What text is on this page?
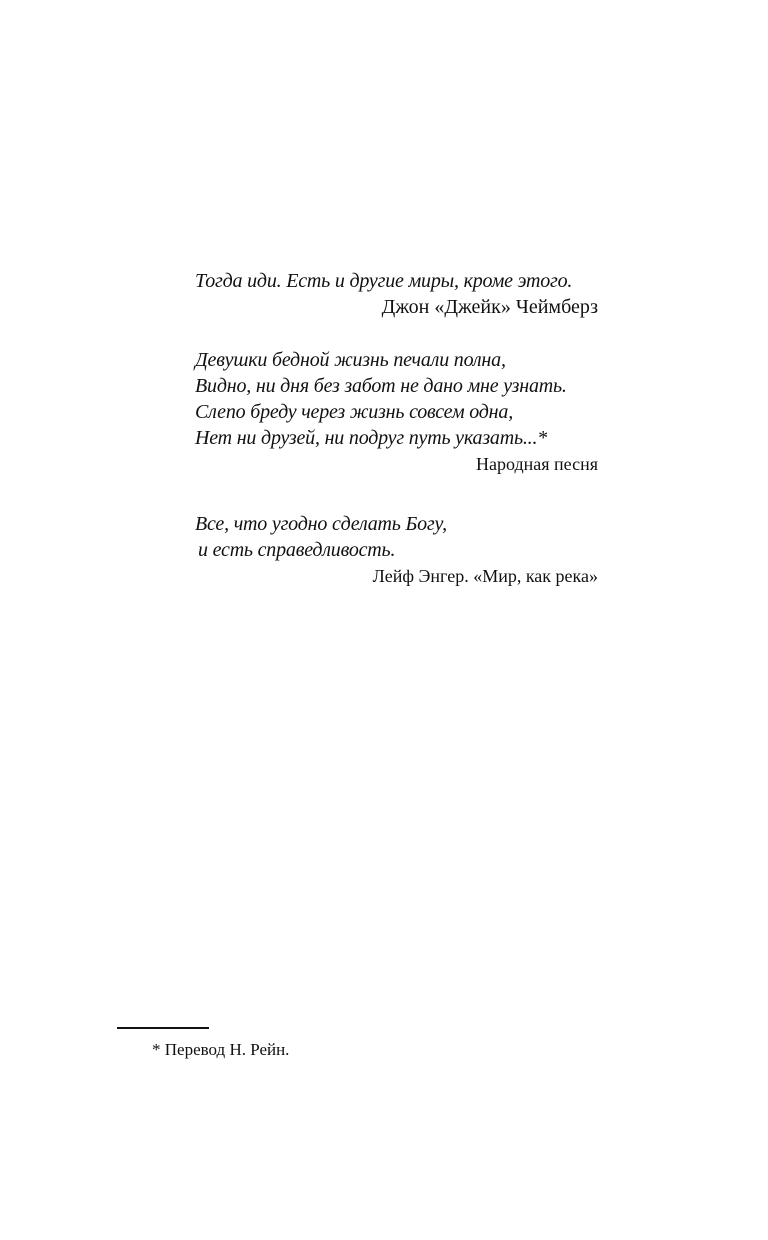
Тогда иди. Есть и другие миры, кроме этого.
Джон «Джейк» Чеймберз
Девушки бедной жизнь печали полна,
Видно, ни дня без забот не дано мне узнать.
Слепо бреду через жизнь совсем одна,
Нет ни друзей, ни подруг путь указать...*
Народная песня
Все, что угодно сделать Богу,
и есть справедливость.
Лейф Энгер. «Мир, как река»
* Перевод Н. Рейн.
